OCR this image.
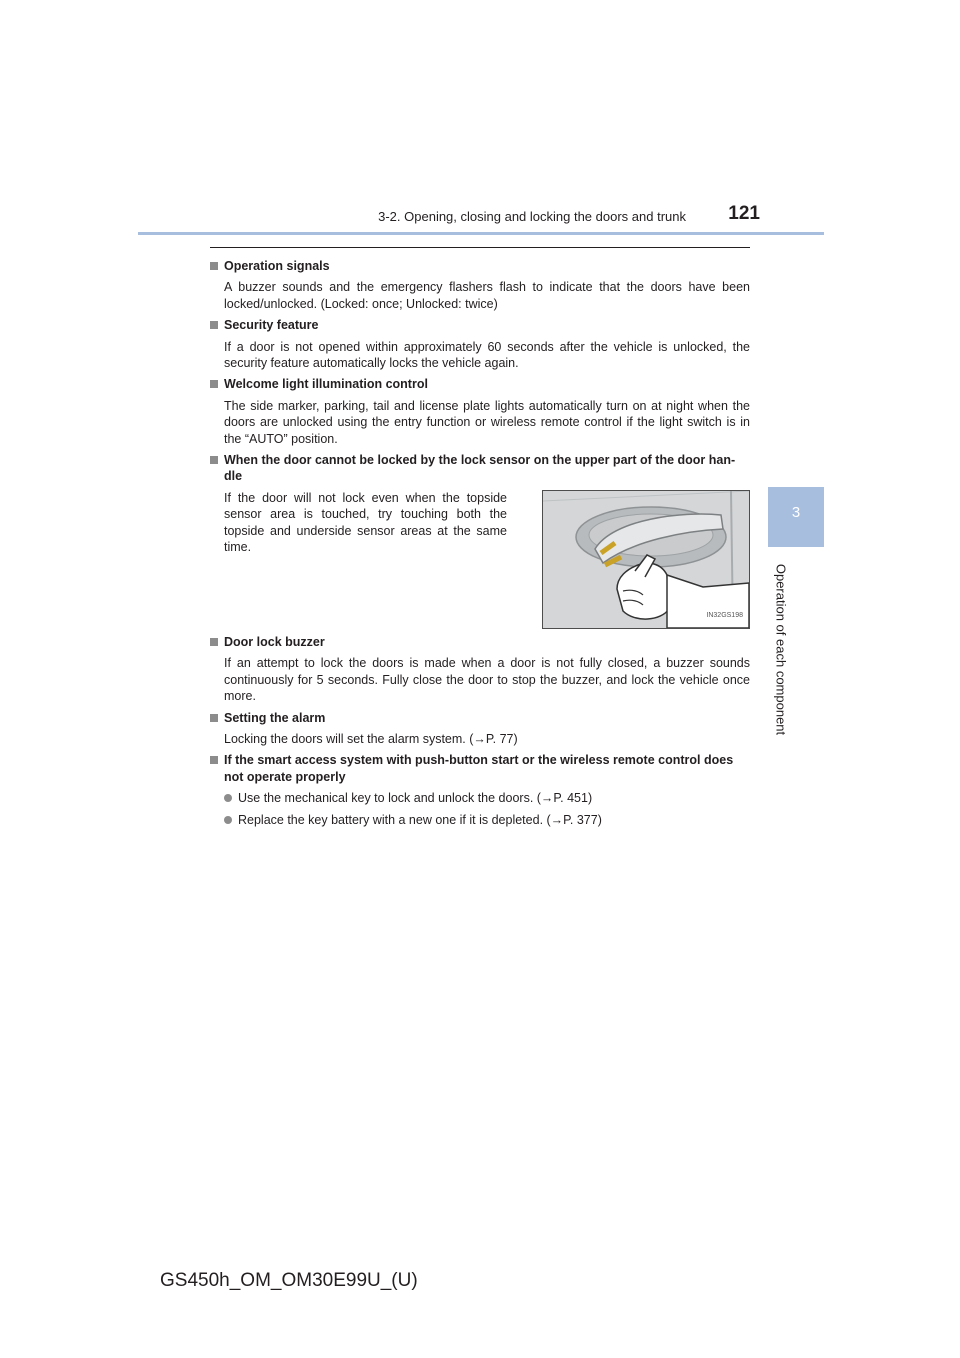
3-2. Opening, closing and locking the doors and trunk	121
3
Operation of each component
Operation signals
A buzzer sounds and the emergency flashers flash to indicate that the doors have been locked/unlocked. (Locked: once; Unlocked: twice)
Security feature
If a door is not opened within approximately 60 seconds after the vehicle is unlocked, the security feature automatically locks the vehicle again.
Welcome light illumination control
The side marker, parking, tail and license plate lights automatically turn on at night when the doors are unlocked using the entry function or wireless remote control if the light switch is in the “AUTO” position.
When the door cannot be locked by the lock sensor on the upper part of the door han-dle
If the door will not lock even when the topside sensor area is touched, try touching both the topside and underside sensor areas at the same time.
IN32GS198
Door lock buzzer
If an attempt to lock the doors is made when a door is not fully closed, a buzzer sounds continuously for 5 seconds. Fully close the door to stop the buzzer, and lock the vehicle once more.
Setting the alarm
Locking the doors will set the alarm system. (→P. 77)
If the smart access system with push-button start or the wireless remote control does not operate properly
Use the mechanical key to lock and unlock the doors. (→P. 451)
Replace the key battery with a new one if it is depleted. (→P. 377)
GS450h_OM_OM30E99U_(U)
